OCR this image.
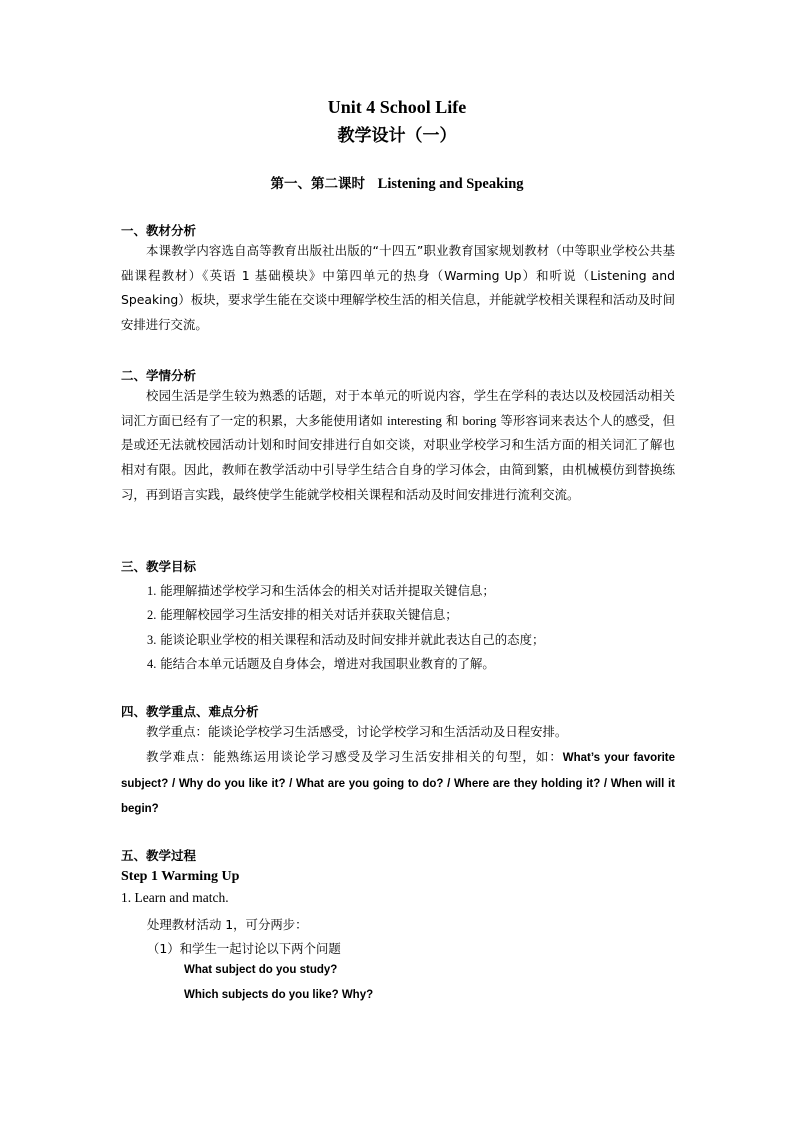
Unit 4 School Life
教学设计（一）
第一、第二课时 Listening and Speaking
一、教材分析

本课教学内容选自高等教育出版社出版的“十四五”职业教育国家规划教材（中等职业学校公共基础课程教材）《英语 1 基础模块》中第四单元的热身（Warming Up）和听说（Listening and Speaking）板块，要求学生能在交谈中理解学校生活的相关信息，并能就学校相关课程和活动及时间安排进行交流。

二、学情分析

校园生活是学生较为熟悉的话题，对于本单元的听说内容，学生在学科的表达以及校园活动相关词汇方面已经有了一定的积累，大多能使用诸如 interesting 和 boring 等形容词来表达个人的感受，但是或还无法就校园活动计划和时间安排进行自如交谈，对职业学校学习和生活方面的相关词汇了解也相对有限。因此，教师在教学活动中引导学生结合自身的学习体会，由简到繁，由机械模仿到替换练习，再到语言实践，最终使学生能就学校相关课程和活动及时间安排进行流利交流。

三、教学目标
1. 能理解描述学校学习和生活体会的相关对话并提取关键信息；
2. 能理解校园学习生活安排的相关对话并获取关键信息；
3. 能谈论职业学校的相关课程和活动及时间安排并就此表达自己的态度；
4. 能结合本单元话题及自身体会，增进对我国职业教育的了解。
四、教学重点、难点分析

教学重点：能谈论学校学习生活感受，讨论学校学习和生活活动及日程安排。

教学难点：能熟练运用谈论学习感受及学习生活安排相关的句型，如：What’s your favorite subject? / Why do you like it? / What are you going to do? / Where are they holding it? / When will it begin?

五、教学过程
Step 1 Warming Up
1. Learn and match.
处理教材活动 1，可分两步：
（1）和学生一起讨论以下两个问题
What subject do you study?
Which subjects do you like? Why?
